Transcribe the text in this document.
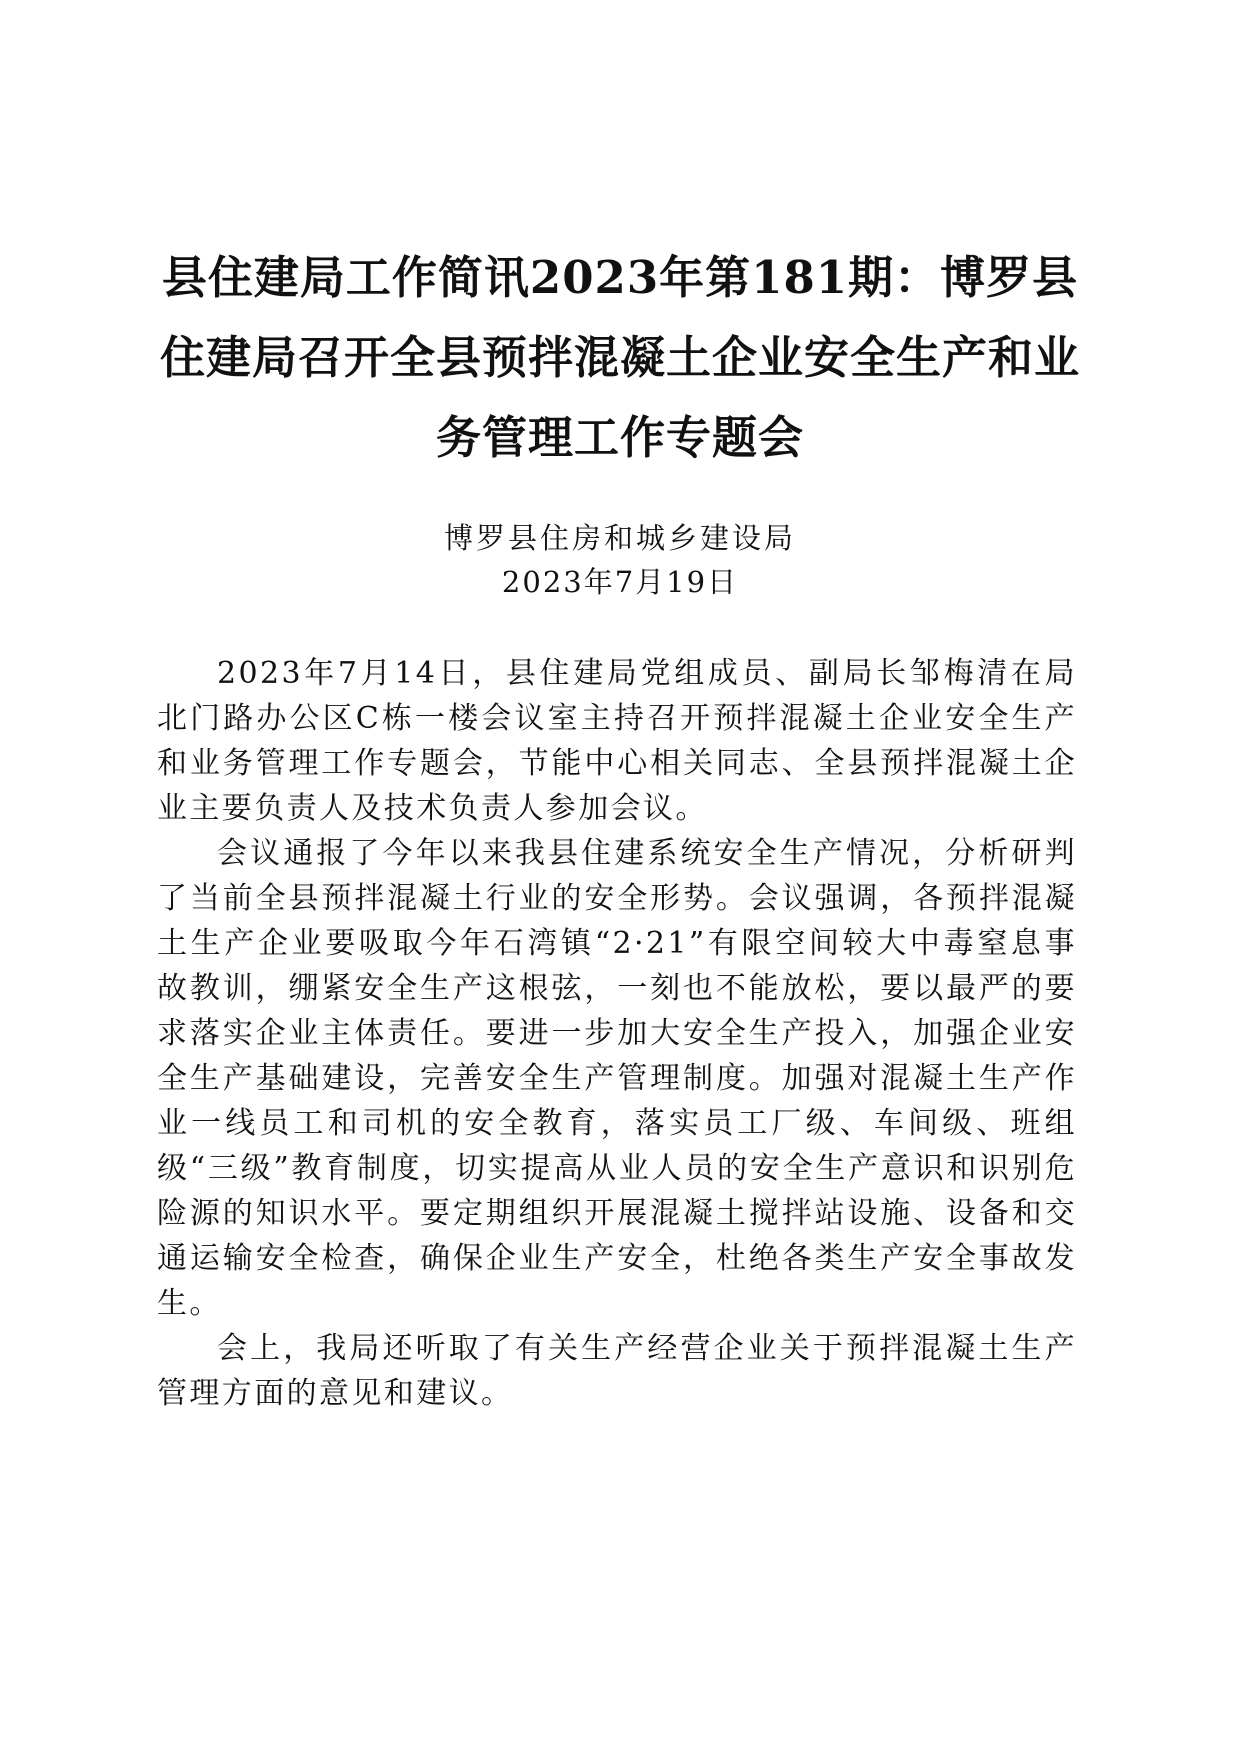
县住建局工作简讯2023年第181期：博罗县
住建局召开全县预拌混凝土企业安全生产和业
务管理工作专题会
博罗县住房和城乡建设局
2023年7月19日

2023年7月14日，县住建局党组成员、副局长邹梅清在局北门路办公区C栋一楼会议室主持召开预拌混凝土企业安全生产和业务管理工作专题会，节能中心相关同志、全县预拌混凝土企业主要负责人及技术负责人参加会议。

会议通报了今年以来我县住建系统安全生产情况，分析研判了当前全县预拌混凝土行业的安全形势。会议强调，各预拌混凝土生产企业要吸取今年石湾镇“2·21”有限空间较大中毒窒息事故教训，绷紧安全生产这根弦，一刻也不能放松，要以最严的要求落实企业主体责任。要进一步加大安全生产投入，加强企业安全生产基础建设，完善安全生产管理制度。加强对混凝土生产作业一线员工和司机的安全教育，落实员工厂级、车间级、班组级“三级”教育制度，切实提高从业人员的安全生产意识和识别危险源的知识水平。要定期组织开展混凝土搅拌站设施、设备和交通运输安全检查，确保企业生产安全，杜绝各类生产安全事故发生。

会上，我局还听取了有关生产经营企业关于预拌混凝土生产管理方面的意见和建议。
